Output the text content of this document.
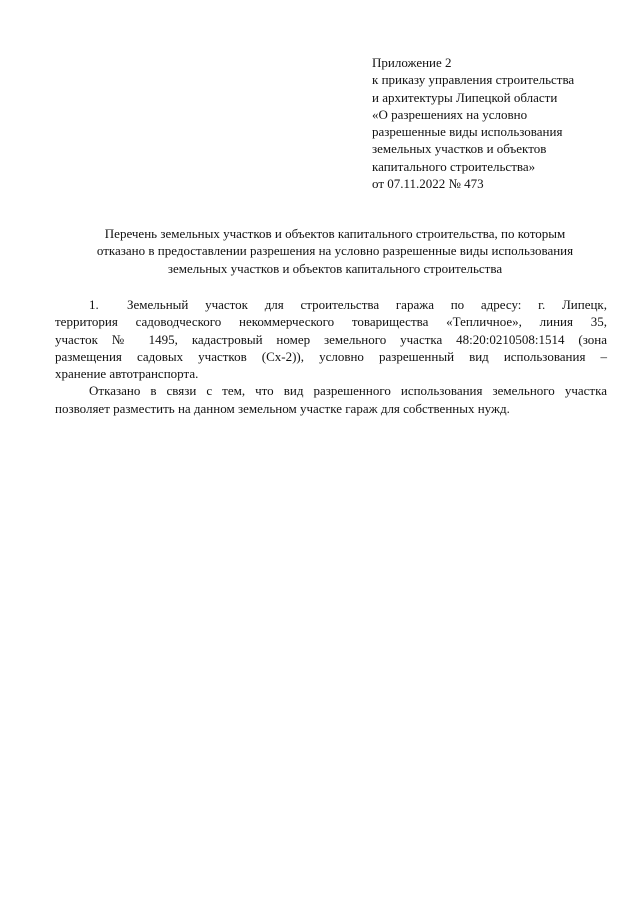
Приложение 2
к приказу управления строительства
и архитектуры Липецкой области
«О разрешениях на условно
разрешенные виды использования
земельных участков и объектов
капитального строительства»
от 07.11.2022 № 473
Перечень земельных участков и объектов капитального строительства, по которым
отказано в предоставлении разрешения на условно разрешенные виды использования
земельных участков и объектов капитального строительства
1. Земельный участок для строительства гаража по адресу: г. Липецк,
территория садоводческого некоммерческого товарищества «Тепличное», линия 35,
участок № 1495, кадастровый номер земельного участка 48:20:0210508:1514 (зона
размещения садовых участков (Сх-2)), условно разрешенный вид использования –
хранение автотранспорта.
Отказано в связи с тем, что вид разрешенного использования земельного участка
позволяет разместить на данном земельном участке гараж для собственных нужд.
